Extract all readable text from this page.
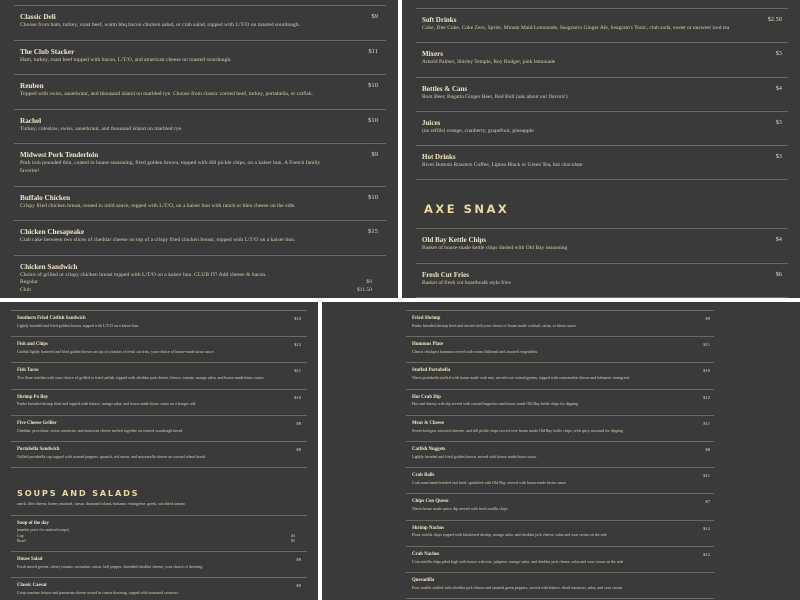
Classic Deli
Choose from ham, turkey, roast beef, warm bbq bacon chicken salad, or crab salad, topped with L/T/O on toasted sourdough.
$9
The Club Stacker
Ham, turkey, roast beef topped with bacon, L/T/O, and american cheese on toasted sourdough.
$11
Reuben
Topped with swiss, sauerkraut, and thousand island on marbled rye. Choose from classic corned beef, turkey, portabella, or catfish.
$10
Rachel
Turkey, coleslaw, swiss, sauerkraut, and thousand island on marbled rye.
$10
Midwest Pork Tenderloin
Pork loin pounded thin, coated in house seasoning, fried golden brown, topped with dill pickle chips, on a kaiser bun. A Foetch family favorite!
$9
Buffalo Chicken
Crispy fried chicken breast, tossed in mild sauce, topped with L/T/O, on a kaiser bun with ranch or bleu cheese on the side.
$10
Chicken Chesapeake
Crab cake between two slices of cheddar cheese on top of a crispy fried chicken breast, topped with L/T/O on a kaiser bun.
$15
Chicken Sandwich
Choice of grilled or crispy chicken breast topped with L/T/O on a kaiser bun. CLUB IT! Add cheese & bacon.
Regular	$9
Club	$11.50
Soft Drinks
Coke, Diet Coke, Coke Zero, Sprite, Minute Maid Lemonade, Seagram's Ginger Ale, Seagram's Tonic, club soda, sweet or unsweet iced tea
$2.50
Mixers
Arnold Palmer, Shirley Temple, Roy Rodger, pink lemonade
$3
Bottles & Cans
Root Beer, Bagatta Ginger Beer, Red Bull (ask about our flavors!)
$4
Juices
(no refills) orange, cranberry, grapefruit, pineapple
$3
Hot Drinks
River Bottom Roasters Coffee, Lipton Black or Green Tea, hot chocolate
$3
AXE SNAX
Old Bay Kettle Chips
Basket of house-made kettle chips dusted with Old Bay seasoning
$4
Fresh Cut Fries
Basket of fresh cut boardwalk style fries
$6
Southern Fried Catfish Sandwich
Lightly breaded and fried golden brown, topped with L/T/O on a kaiser bun.
$10
Fish and Chips
Catfish lightly battered and fried golden brown on top of a basket of fresh cut fries, your choice of house-made tartar sauce.
$12
Fish Tacos
Two flour tortillas with your choice of grilled or fried catfish, topped with cheddar jack cheese, lettuce, tomato, mango salsa, and house made bistro sauce.
$11
Shrimp Po Boy
Panko breaded shrimp fried and topped with lettuce, mango salsa, and house made bistro sauce on a hoagie roll.
$10
Five Cheese Griller
Cheddar, provolone, swiss, muenster, and american cheese melted together on toasted sourdough bread.
$8
Portabella Sandwich
Grilled portabella cap topped with roasted peppers, spinach, red onion, and mozzarella cheese on toasted wheat bread.
$8
SOUPS AND SALADS
ranch, bleu cheese, honey mustard, caesar, thousand island, balsamic vinaigrette, greek, sun dried tomato
Soup of the day
(market price for seafood soups)
Cup	$4
Bowl	$5
House Salad
Fresh mixed greens, cherry tomato, cucumber, onion, bell pepper, shredded cheddar cheese, your choice of dressing.
$9
Classic Caesar
Crisp romaine lettuce and parmesan cheese tossed in caesar dressing, topped with seasoned croutons.
$9
Fried Shrimp
Panko breaded shrimp fried and served with your choice of house made cocktail, tartar, or bistro sauce
$9
Hummus Plate
Classic chickpea hummus served with warm flatbread and assorted vegetables.
$11
Stuffed Portabella
Warm portabella stuffed with house made crab mix, served over mixed greens, topped with watermelon cheese and balsamic vinaigrette
$10
Hot Crab Dip
Hot and cheesy crab dip served with toasted baguettes and house made Old Bay kettle chips for dipping
$12
Meat & Cheese
Sweet bologna, assorted cheeses, and dill pickle chips served over house made Old Bay kettle chips, with spicy mustard for dipping
$11
Catfish Nuggets
Lightly breaded and fried golden brown, served with house made bistro sauce
$8
Crab Balls
Crab meat hand breaded and fried, sprinkled with Old Bay, served with house made bistro sauce
$11
Chips Con Queso
Warm house made queso dip served with fresh tortilla chips
$7
Shrimp Nachos
Flour tortilla chips topped with blackened shrimp, mango salsa, and cheddar jack cheese, salsa and sour cream on the side
$12
Crab Nachos
Corn tortilla chips piled high with house crab mix, jalapeno, mango salsa, and cheddar jack cheese, salsa and sour cream on the side
$12
Quesadilla
Four tortilla stuffed with cheddar jack cheese and sauteed green peppers, served with lettuce, diced tomatoes, salsa, and sour cream
